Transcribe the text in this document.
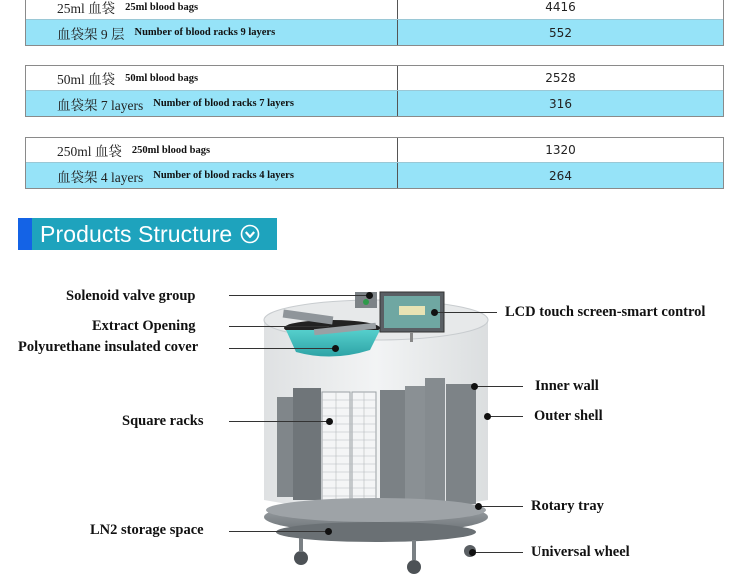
25ml 血袋 25ml blood bags	4416
血袋架 9 层 Number of blood racks 9 layers	552
50ml 血袋 50ml blood bags	2528
血袋架 7 layers Number of blood racks 7 layers	316
250ml 血袋 250ml blood bags	1320
血袋架 4 layers Number of blood racks 4 layers	264
Products Structure
Solenoid valve group
Extract Opening
Polyurethane insulated cover
Square racks
LN2 storage space
LCD touch screen-smart control
Inner wall
Outer shell
Rotary tray
Universal wheel
